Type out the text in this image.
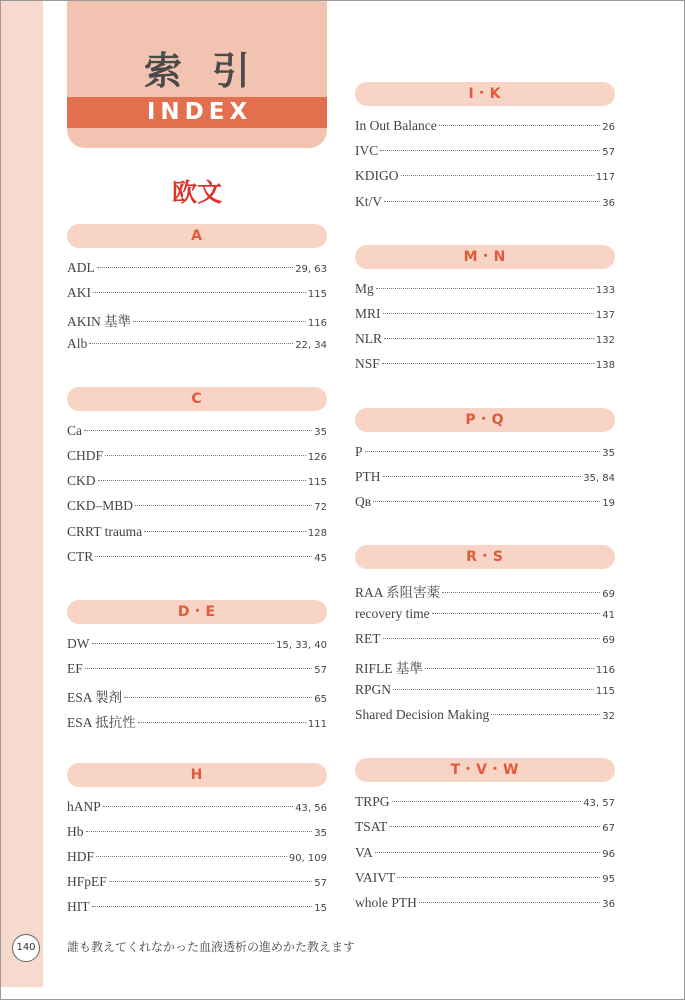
索引
INDEX
欧文
A
ADL	29, 63
AKI	115
AKIN 基準	116
Alb	22, 34
C
Ca	35
CHDF	126
CKD	115
CKD–MBD	72
CRRT trauma	128
CTR	45
D・E
DW	15, 33, 40
EF	57
ESA 製剤	65
ESA 抵抗性	111
H
hANP	43, 56
Hb	35
HDF	90, 109
HFpEF	57
HIT	15
I・K
In Out Balance	26
IVC	57
KDIGO	117
Kt/V	36
M・N
Mg	133
MRI	137
NLR	132
NSF	138
P・Q
P	35
PTH	35, 84
Qв	19
R・S
RAA 系阻害薬	69
recovery time	41
RET	69
RIFLE 基準	116
RPGN	115
Shared Decision Making	32
T・V・W
TRPG	43, 57
TSAT	67
VA	96
VAIVT	95
whole PTH	36
140	誰も教えてくれなかった血液透析の進めかた教えます
